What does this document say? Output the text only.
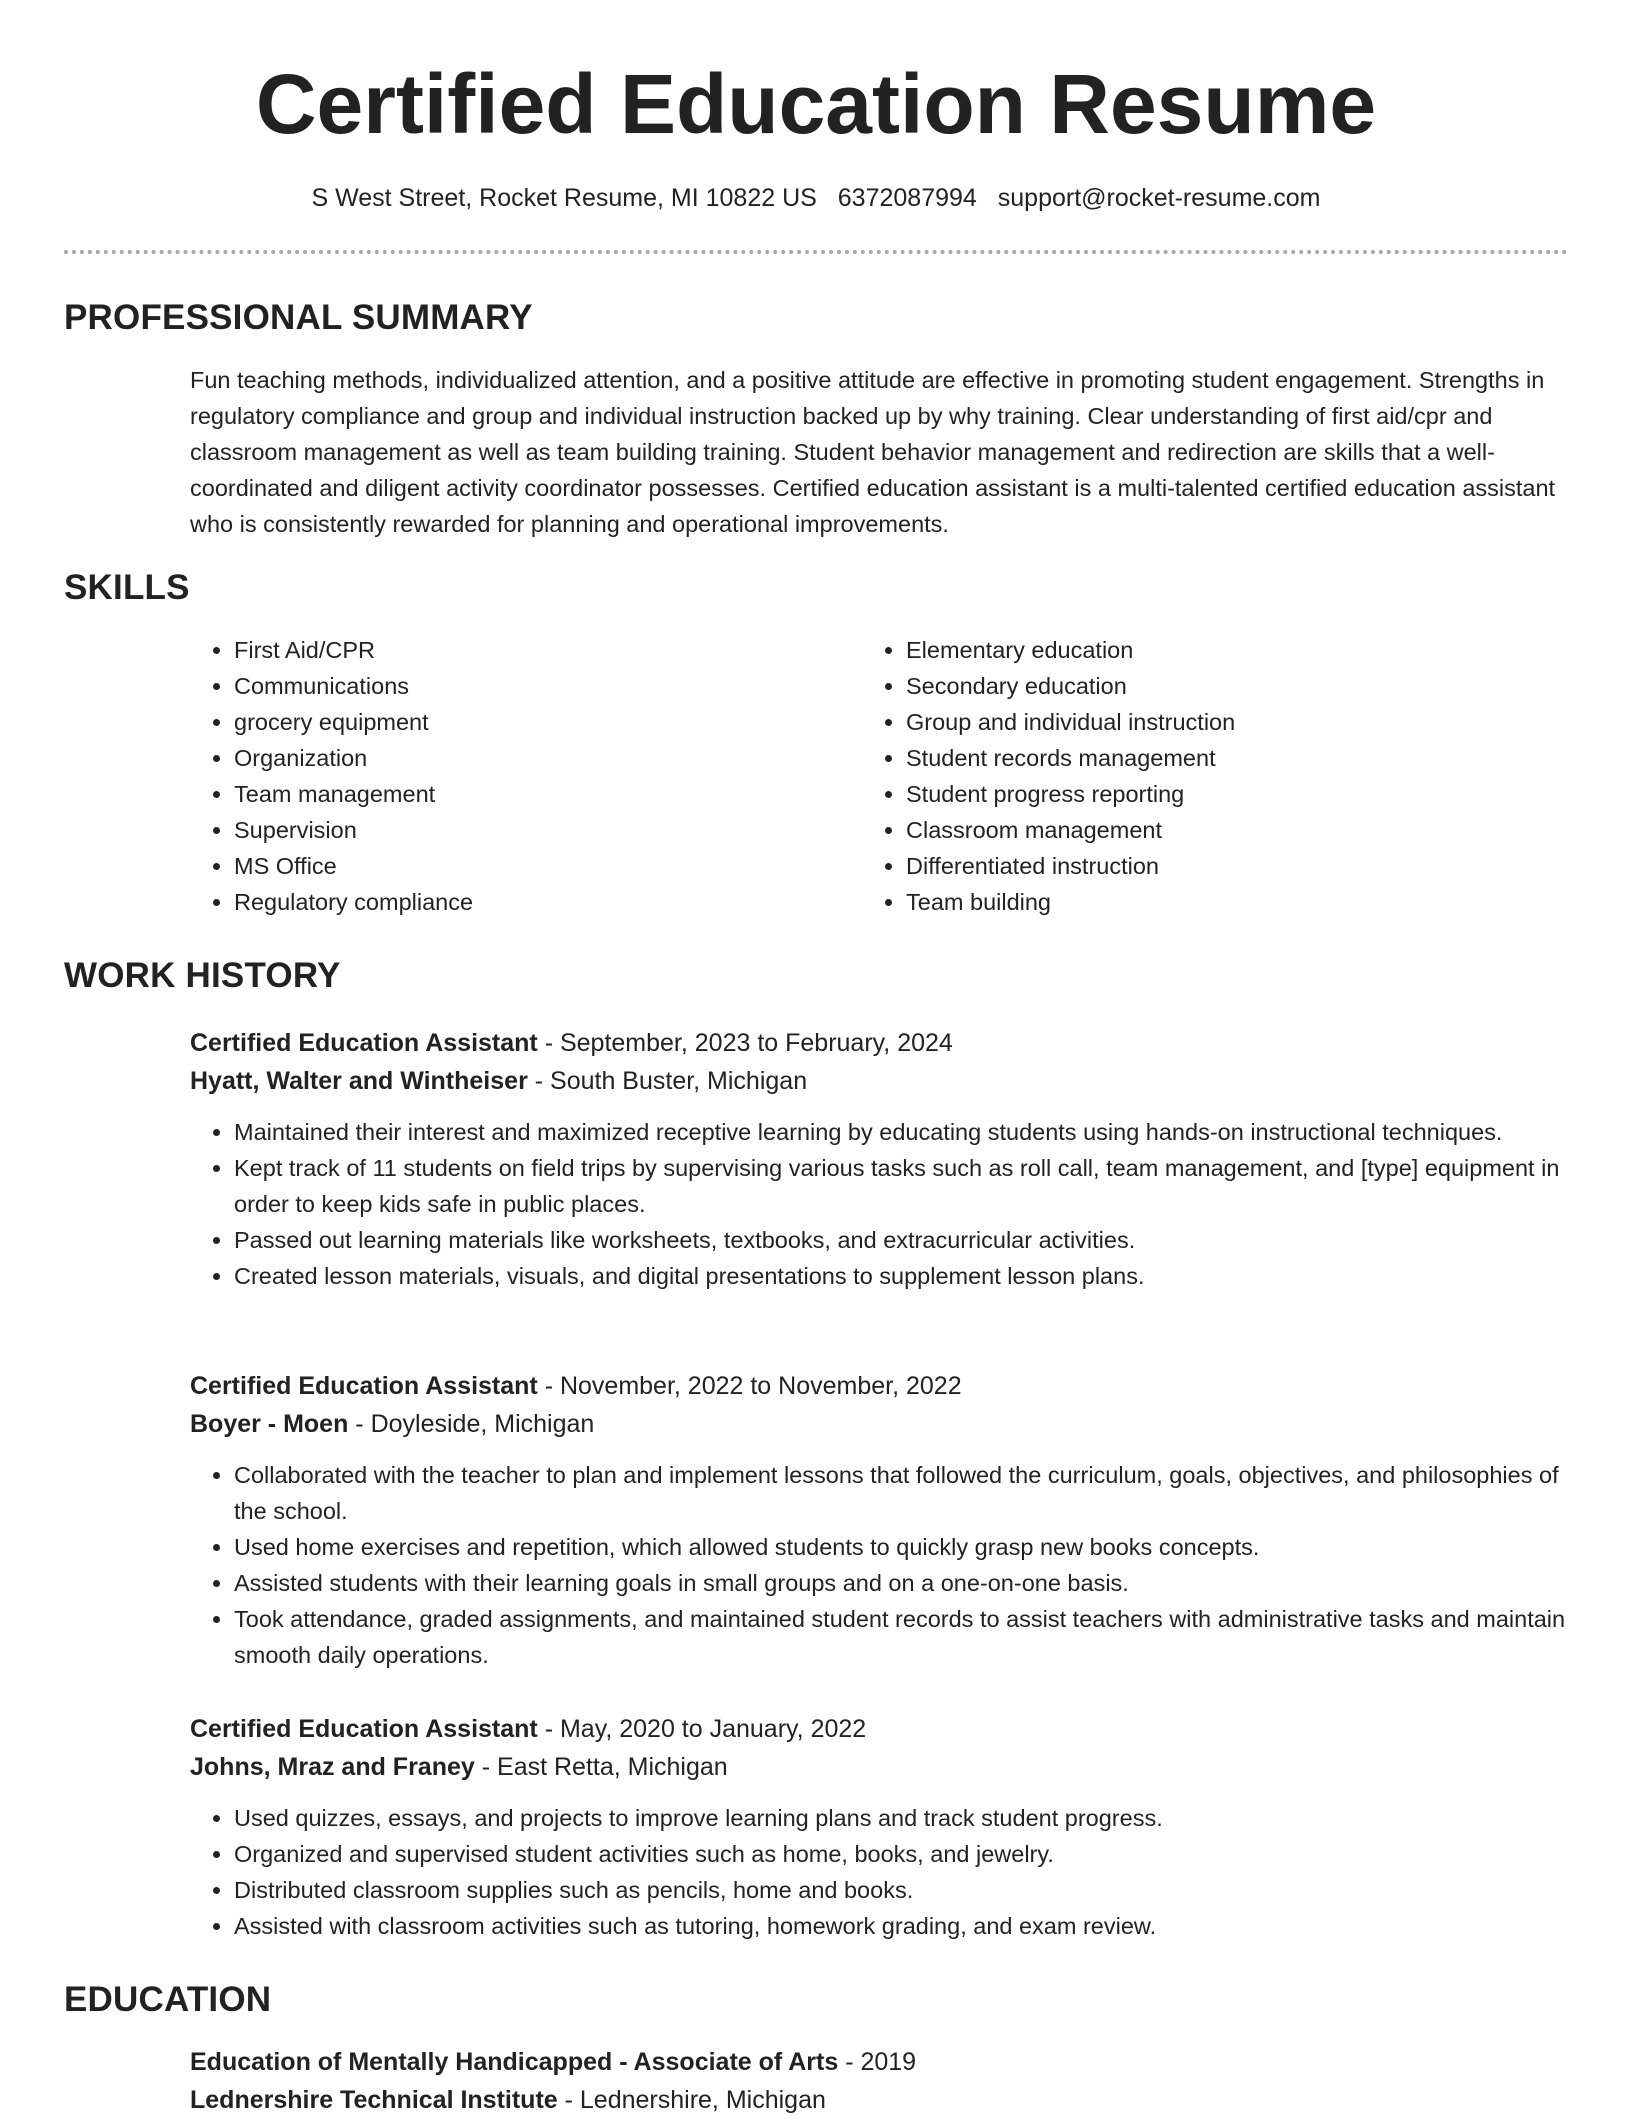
Certified Education Resume
S West Street, Rocket Resume, MI 10822 US 6372087994 support@rocket-resume.com
PROFESSIONAL SUMMARY

Fun teaching methods, individualized attention, and a positive attitude are effective in promoting student engagement. Strengths in regulatory compliance and group and individual instruction backed up by why training. Clear understanding of first aid/cpr and classroom management as well as team building training. Student behavior management and redirection are skills that a well-coordinated and diligent activity coordinator possesses. Certified education assistant is a multi-talented certified education assistant who is consistently rewarded for planning and operational improvements.

SKILLS
• First Aid/CPR
• Communications
• grocery equipment
• Organization
• Team management
• Supervision
• MS Office
• Regulatory compliance
• Elementary education
• Secondary education
• Group and individual instruction
• Student records management
• Student progress reporting
• Classroom management
• Differentiated instruction
• Team building
WORK HISTORY

Certified Education Assistant - September, 2023 to February, 2024

Hyatt, Walter and Wintheiser - South Buster, Michigan

• Maintained their interest and maximized receptive learning by educating students using hands-on instructional techniques.
• Kept track of 11 students on field trips by supervising various tasks such as roll call, team management, and [type] equipment in order to keep kids safe in public places.
• Passed out learning materials like worksheets, textbooks, and extracurricular activities.
• Created lesson materials, visuals, and digital presentations to supplement lesson plans.

Certified Education Assistant - November, 2022 to November, 2022

Boyer - Moen - Doyleside, Michigan

• Collaborated with the teacher to plan and implement lessons that followed the curriculum, goals, objectives, and philosophies of the school.
• Used home exercises and repetition, which allowed students to quickly grasp new books concepts.
• Assisted students with their learning goals in small groups and on a one-on-one basis.
• Took attendance, graded assignments, and maintained student records to assist teachers with administrative tasks and maintain smooth daily operations.

Certified Education Assistant - May, 2020 to January, 2022

Johns, Mraz and Franey - East Retta, Michigan

• Used quizzes, essays, and projects to improve learning plans and track student progress.
• Organized and supervised student activities such as home, books, and jewelry.
• Distributed classroom supplies such as pencils, home and books.
• Assisted with classroom activities such as tutoring, homework grading, and exam review.
EDUCATION

Education of Mentally Handicapped - Associate of Arts - 2019

Lednershire Technical Institute - Lednershire, Michigan
